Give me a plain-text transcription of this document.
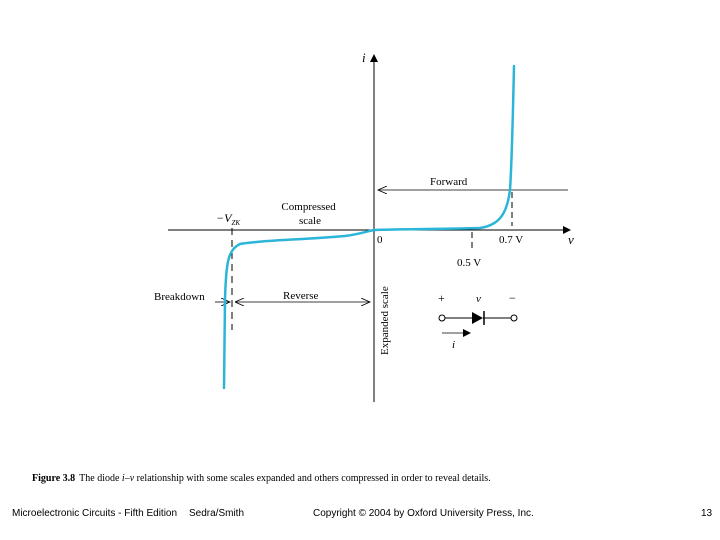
i
v
0
Forward
Compressed scale
$-V_{ZK}$
0.5 V
0.7 V
Breakdown	Reverse	Expanded scale	+	v −
i
Figure 3.8 The diode i–v relationship with some scales expanded and others compressed in order to reveal details.
Microelectronic Circuits - Fifth Edition Sedra/Smith	Copyright © 2004 by Oxford University Press, Inc.	13
